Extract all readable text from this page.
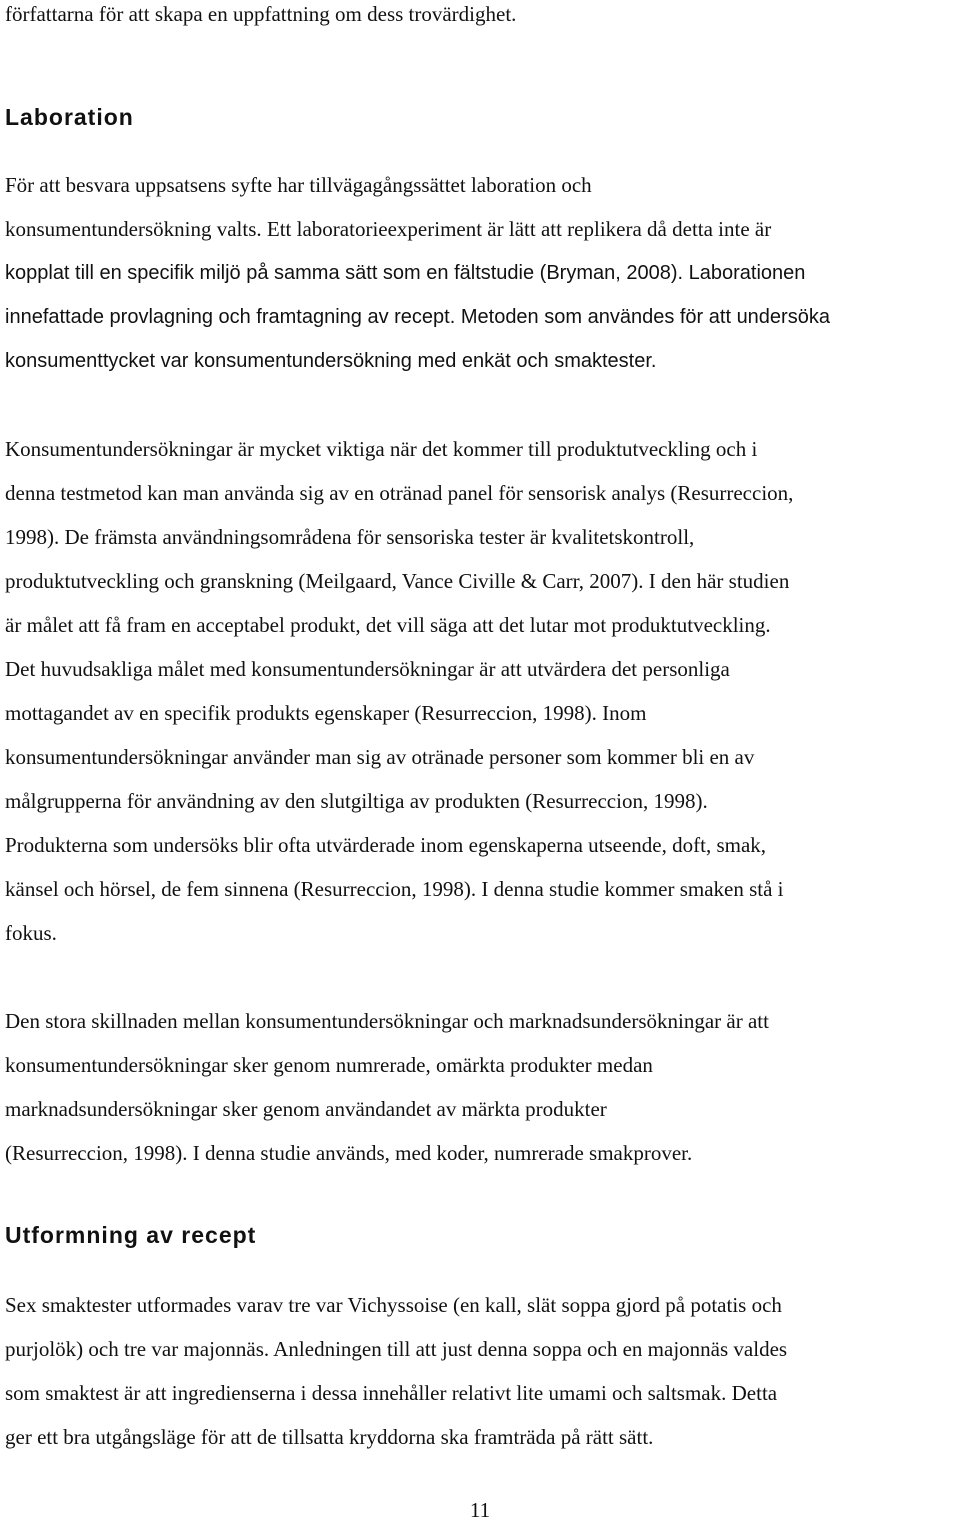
författarna för att skapa en uppfattning om dess trovärdighet.

Laboration

För att besvara uppsatsens syfte har tillvägagångssättet laboration och

konsumentundersökning valts. Ett laboratorieexperiment är lätt att replikera då detta inte är

kopplat till en specifik miljö på samma sätt som en fältstudie (Bryman, 2008). Laborationen

innefattade provlagning och framtagning av recept. Metoden som användes för att undersöka

konsumenttycket var konsumentundersökning med enkät och smaktester.

Konsumentundersökningar är mycket viktiga när det kommer till produktutveckling och i

denna testmetod kan man använda sig av en otränad panel för sensorisk analys (Resurreccion,

1998). De främsta användningsområdena för sensoriska tester är kvalitetskontroll,

produktutveckling och granskning (Meilgaard, Vance Civille & Carr, 2007). I den här studien

är målet att få fram en acceptabel produkt, det vill säga att det lutar mot produktutveckling.

Det huvudsakliga målet med konsumentundersökningar är att utvärdera det personliga

mottagandet av en specifik produkts egenskaper (Resurreccion, 1998). Inom

konsumentundersökningar använder man sig av otränade personer som kommer bli en av

målgrupperna för användning av den slutgiltiga av produkten (Resurreccion, 1998).

Produkterna som undersöks blir ofta utvärderade inom egenskaperna utseende, doft, smak,

känsel och hörsel, de fem sinnena (Resurreccion, 1998). I denna studie kommer smaken stå i

fokus.

Den stora skillnaden mellan konsumentundersökningar och marknadsundersökningar är att

konsumentundersökningar sker genom numrerade, omärkta produkter medan

marknadsundersökningar sker genom användandet av märkta produkter

(Resurreccion, 1998). I denna studie används, med koder, numrerade smakprover.

Utformning av recept

Sex smaktester utformades varav tre var Vichyssoise (en kall, slät soppa gjord på potatis och

purjolök) och tre var majonnäs. Anledningen till att just denna soppa och en majonnäs valdes

som smaktest är att ingredienserna i dessa innehåller relativt lite umami och saltsmak. Detta

ger ett bra utgångsläge för att de tillsatta kryddorna ska framträda på rätt sätt.

11
